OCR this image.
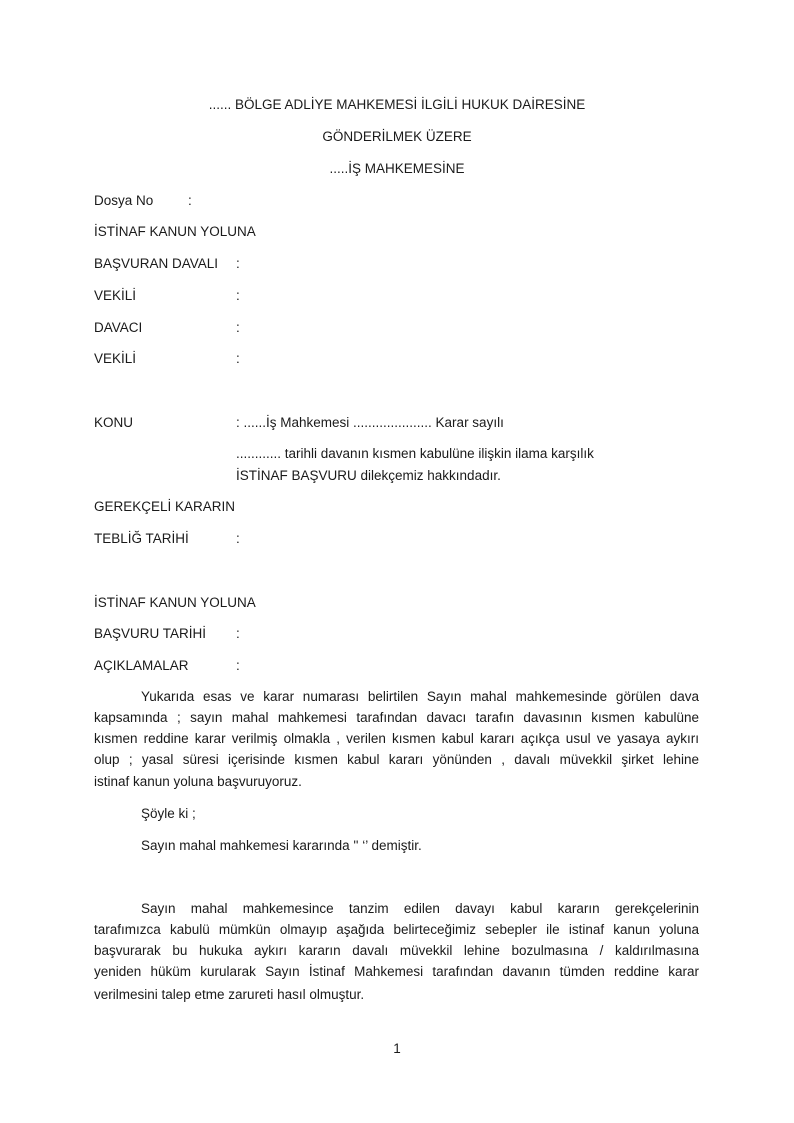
...... BÖLGE ADLİYE MAHKEMESİ İLGİLİ HUKUK DAİRESİNE
GÖNDERİLMEK ÜZERE
.....İŞ MAHKEMESİNE
Dosya No	:
İSTİNAF KANUN YOLUNA
BAŞVURAN DAVALI :
VEKİLİ	:
DAVACI	:
VEKİLİ	:
KONU	: ......İş Mahkemesi ..................... Karar sayılı
............ tarihli davanın kısmen kabulüne ilişkin ilama karşılık
İSTİNAF BAŞVURU dilekçemiz hakkındadır.
GEREKÇELİ KARARIN
TEBLİĞ TARİHİ	:
İSTİNAF KANUN YOLUNA
BAŞVURU TARİHİ :
AÇIKLAMALAR	:
Yukarıda esas ve karar numarası belirtilen Sayın mahal mahkemesinde görülen dava
kapsamında ; sayın mahal mahkemesi tarafından davacı tarafın davasının kısmen kabulüne
kısmen reddine karar verilmiş olmakla , verilen kısmen kabul kararı açıkça usul ve yasaya aykırı
olup ; yasal süresi içerisinde kısmen kabul kararı yönünden , davalı müvekkil şirket lehine
istinaf kanun yoluna başvuruyoruz.
Şöyle ki ;
Sayın mahal mahkemesi kararında '' ‘’ demiştir.
Sayın mahal mahkemesince tanzim edilen davayı kabul kararın gerekçelerinin
tarafımızca kabulü mümkün olmayıp aşağıda belirteceğimiz sebepler ile istinaf kanun yoluna
başvurarak bu hukuka aykırı kararın davalı müvekkil lehine bozulmasına / kaldırılmasına
yeniden hüküm kurularak Sayın İstinaf Mahkemesi tarafından davanın tümden reddine karar
verilmesini talep etme zarureti hasıl olmuştur.
1
